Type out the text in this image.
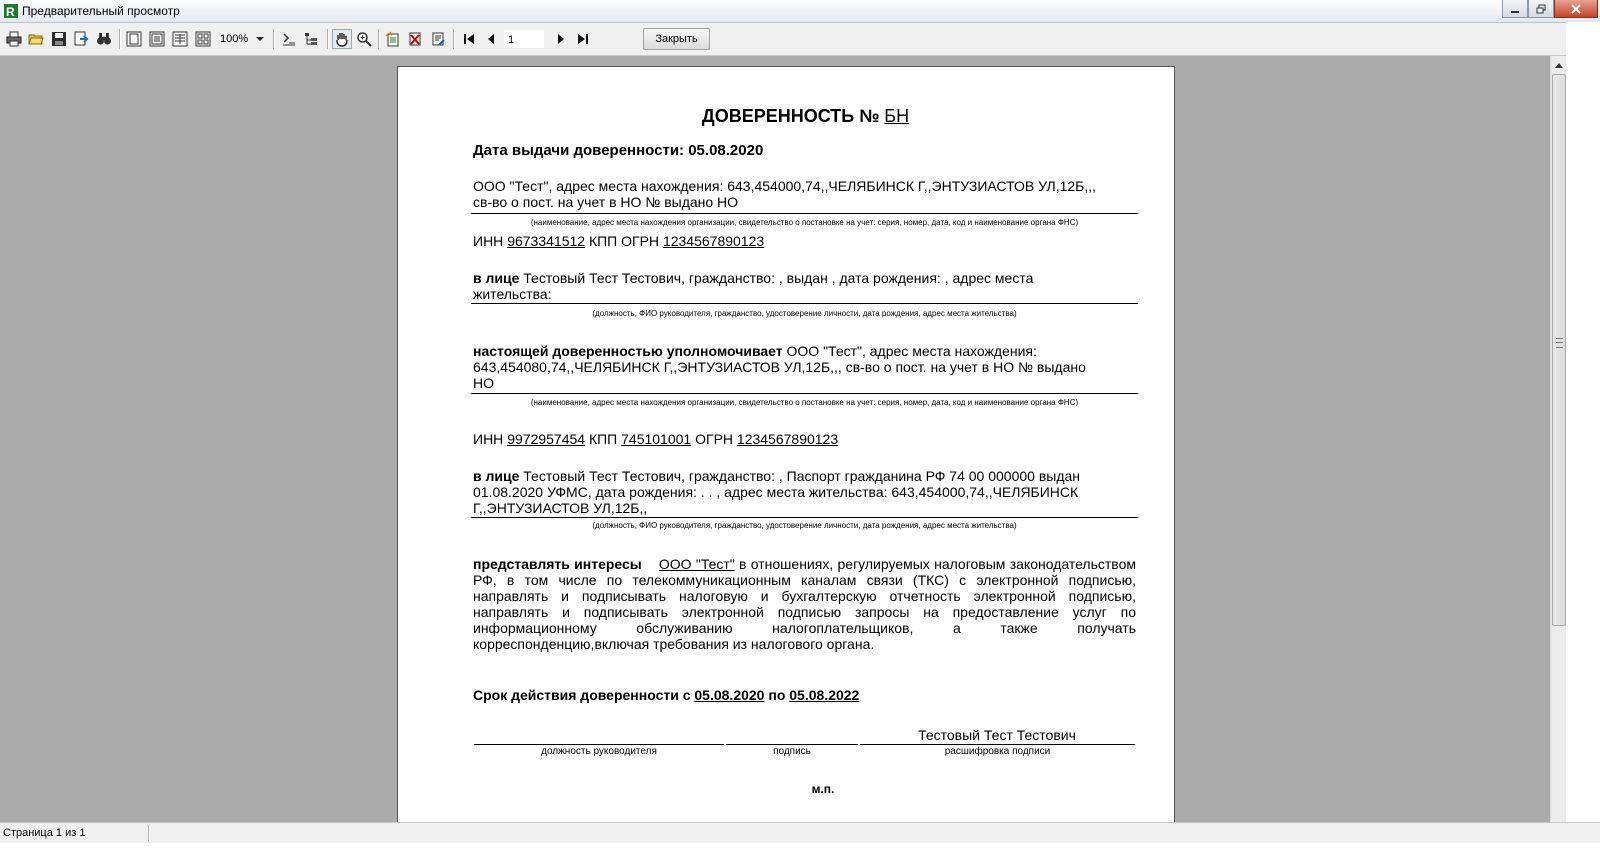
R Предварительный просмотр
100%	1	Закрыть
ДОВЕРЕННОСТЬ № БН
Дата выдачи доверенности: 05.08.2020
ООО "Тест", адрес места нахождения: 643,454000,74,,ЧЕЛЯБИНСК Г,,ЭНТУЗИАСТОВ УЛ,12Б,,,
св-во о пост. на учет в НО № выдано НО
(наименование, адрес места нахождения организации, свидетельство о постановке на учет: серия, номер, дата, код и наименование органа ФНС)
ИНН 9673341512 КПП ОГРН 1234567890123
в лице Тестовый Тест Тестович, гражданство: , выдан , дата рождения: , адрес места
жительства:
(должность, ФИО руководителя, гражданство, удостоверение личности, дата рождения, адрес места жительства)
настоящей доверенностью уполномочивает ООО "Тест", адрес места нахождения:
643,454080,74,,ЧЕЛЯБИНСК Г,,ЭНТУЗИАСТОВ УЛ,12Б,,, св-во о пост. на учет в НО № выдано
НО
(наименование, адрес места нахождения организации, свидетельство о постановке на учет: серия, номер, дата, код и наименование органа ФНС)
ИНН 9972957454 КПП 745101001 ОГРН 1234567890123
в лице Тестовый Тест Тестович, гражданство: , Паспорт гражданина РФ 74 00 000000 выдан
01.08.2020 УФМС, дата рождения: . . , адрес места жительства: 643,454000,74,,ЧЕЛЯБИНСК
Г,,ЭНТУЗИАСТОВ УЛ,12Б,,
(должность, ФИО руководителя, гражданство, удостоверение личности, дата рождения, адрес места жительства)
представлять интересы ООО "Тест" в отношениях, регулируемых налоговым законодательством РФ, в том числе по телекоммуникационным каналам связи (ТКС) с электронной подписью, направлять и подписывать налоговую и бухгалтерскую отчетность электронной подписью, направлять и подписывать электронной подписью запросы на предоставление услуг по информационному обслуживанию налогоплательщиков, а также получать корреспонденцию,включая требования из налогового органа.
Срок действия доверенности с 05.08.2020 по 05.08.2022
Тестовый Тест Тестович
должность руководителя	подпись	расшифровка подписи
м.п.
Страница 1 из 1
